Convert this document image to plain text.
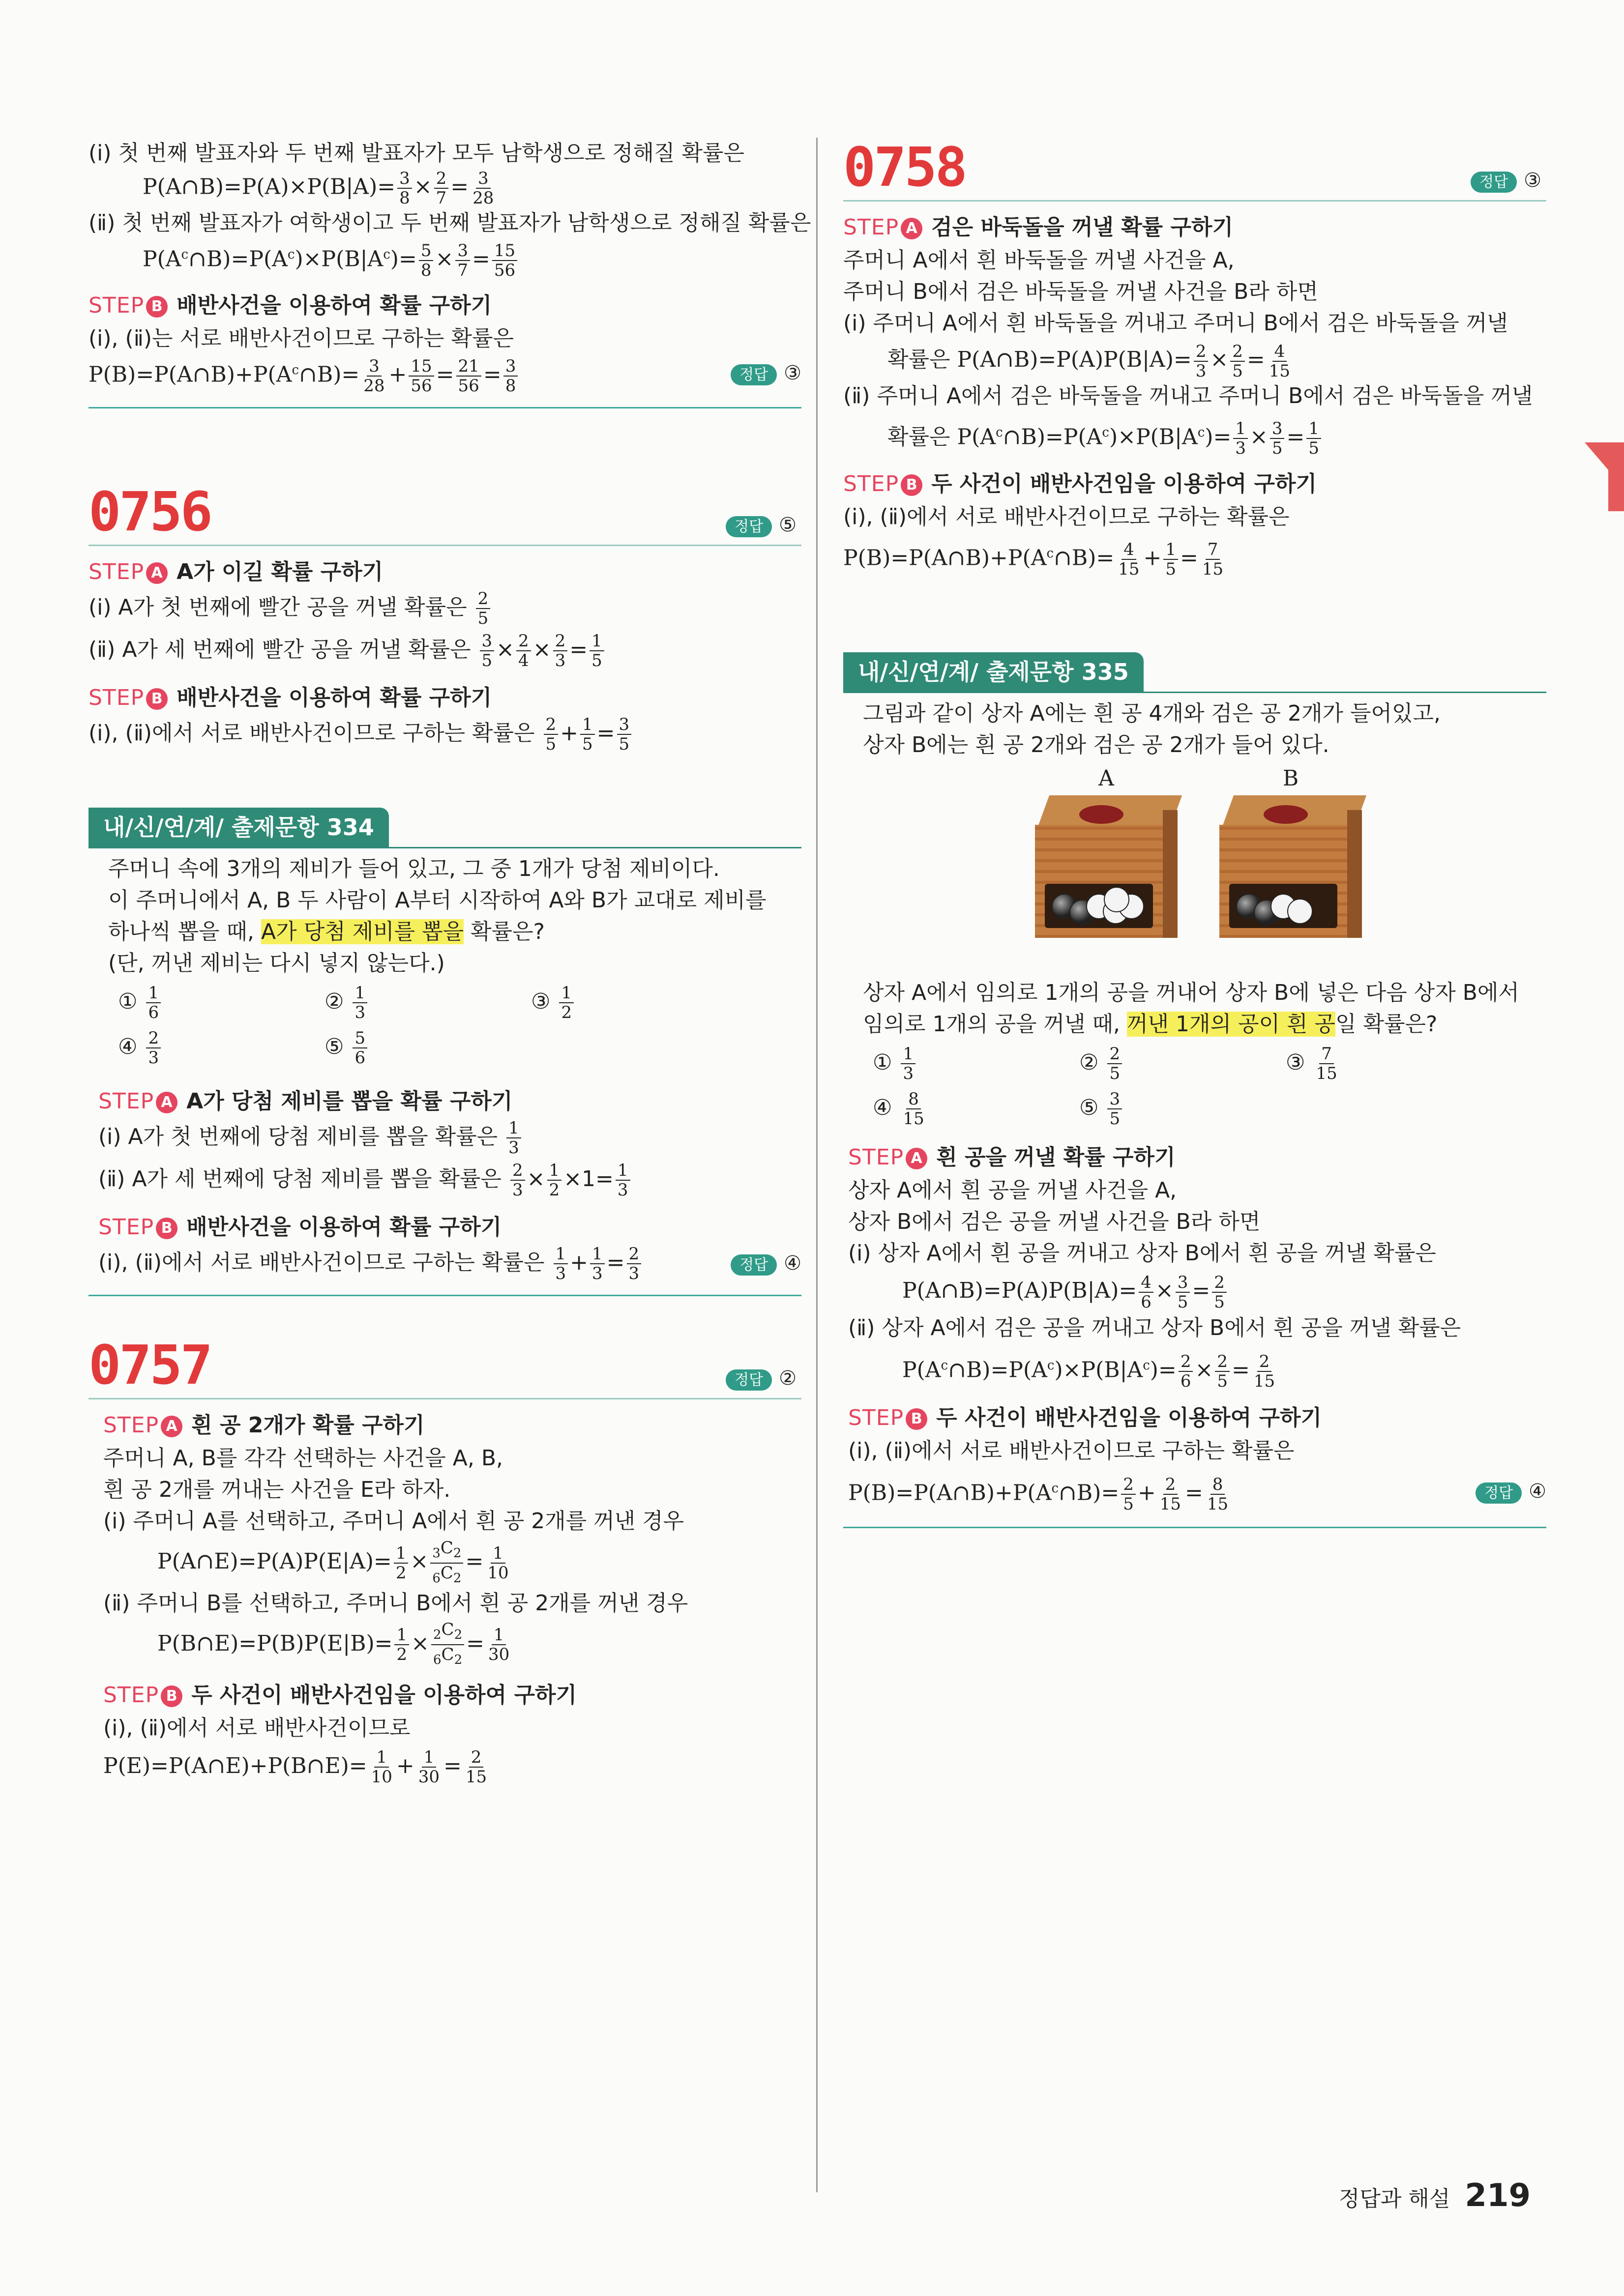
(ⅰ) 첫 번째 발표자와 두 번째 발표자가 모두 남학생으로 정해질 확률은

P(A∩B)=P(A)×P(B|A)= $\frac{3}{8} \times \frac{2}{7} = \frac{3}{28}$

(ⅱ) 첫 번째 발표자가 여학생이고 두 번째 발표자가 남학생으로 정해질 확률은

$P(A^c\cap B)=P(A^c)\times P(B|A^c)= \frac{5}{8} \times \frac{3}{7} = \frac{15}{56}$

STEP B 배반사건을 이용하여 확률 구하기

(ⅰ), (ⅱ)는 서로 배반사건이므로 구하는 확률은

$P(B)=P(A\cap B)+P(A^c\cap B)= \frac{3}{28} + \frac{15}{56} = \frac{21}{56} = \frac{3}{8}$	정답 ③

0756	정답 ⑤
STEP A A가 이길 확률 구하기

(ⅰ) A가 첫 번째에 빨간 공을 꺼낼 확률은 $\frac{2}{5}$

(ⅱ) A가 세 번째에 빨간 공을 꺼낼 확률은 $\frac{3}{5} \times \frac{2}{4} \times \frac{2}{3} = \frac{1}{5}$

STEP B 배반사건을 이용하여 확률 구하기

(ⅰ), (ⅱ)에서 서로 배반사건이므로 구하는 확률은 $\frac{2}{5} + \frac{1}{5} = \frac{3}{5}$

내/신/연/계/ 출제문항 334

주머니 속에 3개의 제비가 들어 있고, 그 중 1개가 당첨 제비이다.

이 주머니에서 A, B 두 사람이 A부터 시작하여 A와 B가 교대로 제비를

하나씩 뽑을 때, A가 당첨 제비를 뽑을 확률은?

(단, 꺼낸 제비는 다시 넣지 않는다.)

① $\frac{1}{6}$	② $\frac{1}{3}$	③ $\frac{1}{2}$
④ $\frac{2}{3}$	⑤ $\frac{5}{6}$
STEP A A가 당첨 제비를 뽑을 확률 구하기

(ⅰ) A가 첫 번째에 당첨 제비를 뽑을 확률은 $\frac{1}{3}$

(ⅱ) A가 세 번째에 당첨 제비를 뽑을 확률은 $\frac{2}{3} \times \frac{1}{2} \times 1= \frac{1}{3}$

STEP B 배반사건을 이용하여 확률 구하기

(ⅰ), (ⅱ)에서 서로 배반사건이므로 구하는 확률은 $\frac{1}{3} + \frac{1}{3} = \frac{2}{3}$	정답 ④

0757	정답 ②
STEP A 흰 공 2개가 확률 구하기

주머니 A, B를 각각 선택하는 사건을 A, B,

흰 공 2개를 꺼내는 사건을 E라 하자.

(ⅰ) 주머니 A를 선택하고, 주머니 A에서 흰 공 2개를 꺼낸 경우

P(A∩E)=P(A)P(E|A)= $\frac{1}{2} \times \frac{_3C_2}{_6C_2} = \frac{1}{10}$

(ⅱ) 주머니 B를 선택하고, 주머니 B에서 흰 공 2개를 꺼낸 경우

P(B∩E)=P(B)P(E|B)= $\frac{1}{2} \times \frac{_2C_2}{_6C_2} = \frac{1}{30}$

STEP B 두 사건이 배반사건임을 이용하여 구하기

(ⅰ), (ⅱ)에서 서로 배반사건이므로

P(E)=P(A∩E)+P(B∩E)= $\frac{1}{10} + \frac{1}{30} = \frac{2}{15}$

0758	정답 ③
STEP A 검은 바둑돌을 꺼낼 확률 구하기

주머니 A에서 흰 바둑돌을 꺼낼 사건을 A,

주머니 B에서 검은 바둑돌을 꺼낼 사건을 B라 하면

(ⅰ) 주머니 A에서 흰 바둑돌을 꺼내고 주머니 B에서 검은 바둑돌을 꺼낼

확률은 P(A∩B)=P(A)P(B|A)= $\frac{2}{3} \times \frac{2}{5} = \frac{4}{15}$

(ⅱ) 주머니 A에서 검은 바둑돌을 꺼내고 주머니 B에서 검은 바둑돌을 꺼낼

확률은 $P(A^c\cap B)=P(A^c)\times P(B|A^c)= \frac{1}{3} \times \frac{3}{5} = \frac{1}{5}$

STEP B 두 사건이 배반사건임을 이용하여 구하기

(ⅰ), (ⅱ)에서 서로 배반사건이므로 구하는 확률은

$P(B)=P(A\cap B)+P(A^c\cap B)= \frac{4}{15} + \frac{1}{5} = \frac{7}{15}$

내/신/연/계/ 출제문항 335

그림과 같이 상자 A에는 흰 공 4개와 검은 공 2개가 들어있고,

상자 B에는 흰 공 2개와 검은 공 2개가 들어 있다.

A
	B

상자 A에서 임의로 1개의 공을 꺼내어 상자 B에 넣은 다음 상자 B에서

임의로 1개의 공을 꺼낼 때, 꺼낸 1개의 공이 흰 공일 확률은?

① $\frac{1}{3}$	② $\frac{2}{5}$	③ $\frac{7}{15}$
④ $\frac{8}{15}$	⑤ $\frac{3}{5}$
STEP A 흰 공을 꺼낼 확률 구하기

상자 A에서 흰 공을 꺼낼 사건을 A,

상자 B에서 검은 공을 꺼낼 사건을 B라 하면

(ⅰ) 상자 A에서 흰 공을 꺼내고 상자 B에서 흰 공을 꺼낼 확률은

P(A∩B)=P(A)P(B|A)= $\frac{4}{6} \times \frac{3}{5} = \frac{2}{5}$

(ⅱ) 상자 A에서 검은 공을 꺼내고 상자 B에서 흰 공을 꺼낼 확률은

$P(A^c\cap B)=P(A^c)\times P(B|A^c)= \frac{2}{6} \times \frac{2}{5} = \frac{2}{15}$

STEP B 두 사건이 배반사건임을 이용하여 구하기

(ⅰ), (ⅱ)에서 서로 배반사건이므로 구하는 확률은

$P(B)=P(A\cap B)+P(A^c\cap B)= \frac{2}{5} + \frac{2}{15} = \frac{8}{15}$	정답 ④

정답과 해설 219
